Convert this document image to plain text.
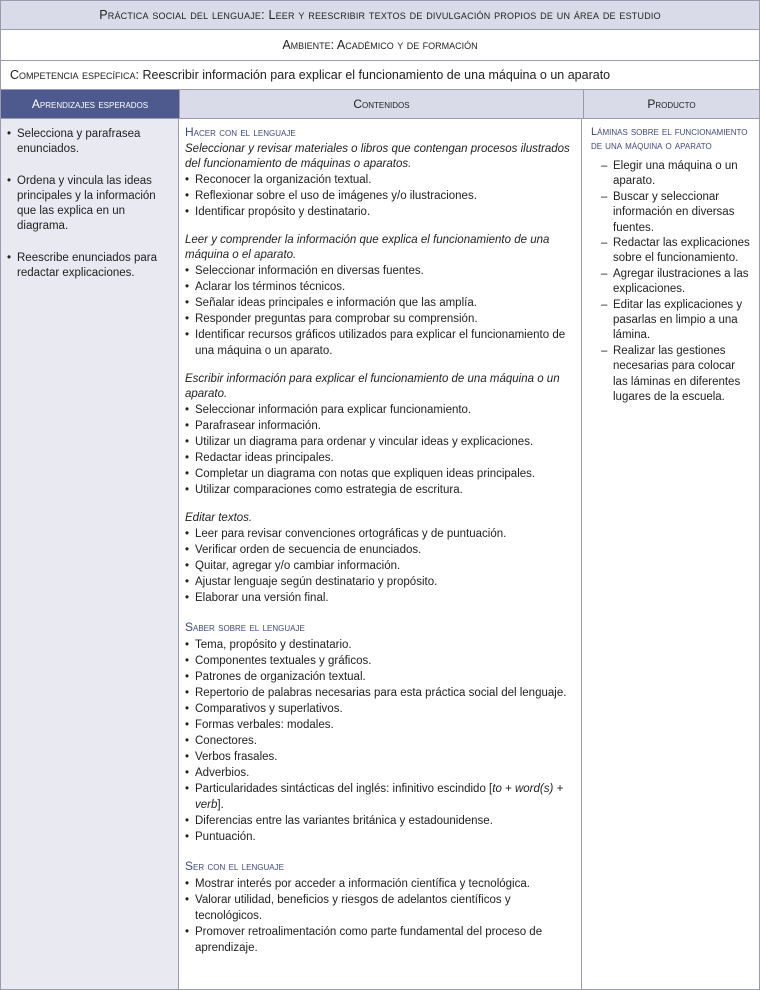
Práctica social del lenguaje: Leer y reescribir textos de divulgación propios de un área de estudio
Ambiente: Académico y de formación
Competencia específica: Reescribir información para explicar el funcionamiento de una máquina o un aparato
Aprendizajes esperados	Contenidos	Producto
• Selecciona y parafrasea enunciados.
• Ordena y vincula las ideas principales y la información que las explica en un diagrama.
• Reescribe enunciados para redactar explicaciones.
Hacer con el lenguaje

Seleccionar y revisar materiales o libros que contengan procesos ilustrados del funcionamiento de máquinas o aparatos.

• Reconocer la organización textual.
• Reflexionar sobre el uso de imágenes y/o ilustraciones.
• Identificar propósito y destinatario.

Leer y comprender la información que explica el funcionamiento de una máquina o el aparato.

• Seleccionar información en diversas fuentes.
• Aclarar los términos técnicos.
• Señalar ideas principales e información que las amplía.
• Responder preguntas para comprobar su comprensión.
• Identificar recursos gráficos utilizados para explicar el funcionamiento de una máquina o un aparato.

Escribir información para explicar el funcionamiento de una máquina o un aparato.

• Seleccionar información para explicar funcionamiento.
• Parafrasear información.
• Utilizar un diagrama para ordenar y vincular ideas y explicaciones.
• Redactar ideas principales.
• Completar un diagrama con notas que expliquen ideas principales.
• Utilizar comparaciones como estrategia de escritura.

Editar textos.

• Leer para revisar convenciones ortográficas y de puntuación.
• Verificar orden de secuencia de enunciados.
• Quitar, agregar y/o cambiar información.
• Ajustar lenguaje según destinatario y propósito.
• Elaborar una versión final.
Saber sobre el lenguaje
• Tema, propósito y destinatario.
• Componentes textuales y gráficos.
• Patrones de organización textual.
• Repertorio de palabras necesarias para esta práctica social del lenguaje.
• Comparativos y superlativos.
• Formas verbales: modales.
• Conectores.
• Verbos frasales.
• Adverbios.
• Particularidades sintácticas del inglés: infinitivo escindido [to + word(s) + verb].
• Diferencias entre las variantes británica y estadounidense.
• Puntuación.
Ser con el lenguaje
• Mostrar interés por acceder a información científica y tecnológica.
• Valorar utilidad, beneficios y riesgos de adelantos científicos y tecnológicos.
• Promover retroalimentación como parte fundamental del proceso de aprendizaje.
Láminas sobre el funcionamiento de una máquina o aparato
– Elegir una máquina o un aparato.
– Buscar y seleccionar información en diversas fuentes.
– Redactar las explicaciones sobre el funcionamiento.
– Agregar ilustraciones a las explicaciones.
– Editar las explicaciones y pasarlas en limpio a una lámina.
– Realizar las gestiones necesarias para colocar las láminas en diferentes lugares de la escuela.
